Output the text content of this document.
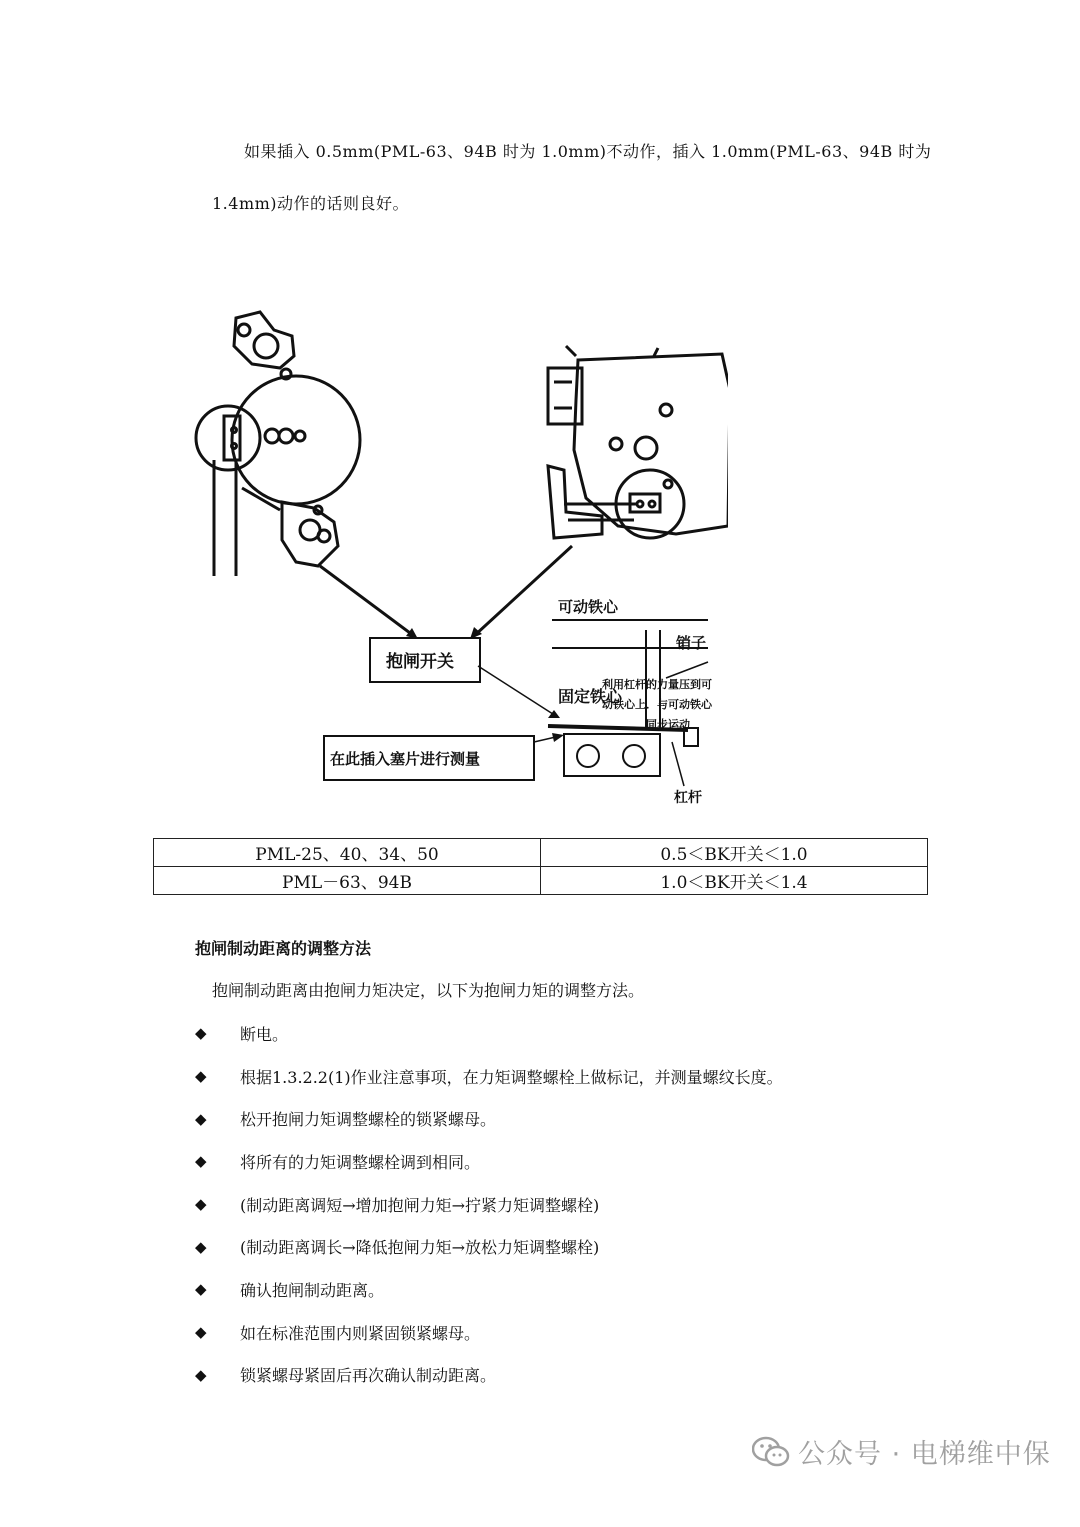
如果插入 0.5mm(PML-63、94B 时为 1.0mm)不动作，插入 1.0mm(PML-63、94B 时为
1.4mm)动作的话则良好。
抱闸开关
在此插入塞片进行测量
可动铁心
销子
固定铁心
利用杠杆的力量压到可
动铁心上．与可动铁心
同步运动
杠杆
PML-25、40、34、50	0.5＜BK开关＜1.0
PML－63、94B	1.0＜BK开关＜1.4
抱闸制动距离的调整方法
抱闸制动距离由抱闸力矩决定，以下为抱闸力矩的调整方法。
◆	断电。
◆	根据1.3.2.2(1)作业注意事项，在力矩调整螺栓上做标记，并测量螺纹长度。
◆	松开抱闸力矩调整螺栓的锁紧螺母。
◆	将所有的力矩调整螺栓调到相同。
◆	(制动距离调短→增加抱闸力矩→拧紧力矩调整螺栓)
◆	(制动距离调长→降低抱闸力矩→放松力矩调整螺栓)
◆	确认抱闸制动距离。
◆	如在标准范围内则紧固锁紧螺母。
◆	锁紧螺母紧固后再次确认制动距离。
公众号 · 电梯维中保
